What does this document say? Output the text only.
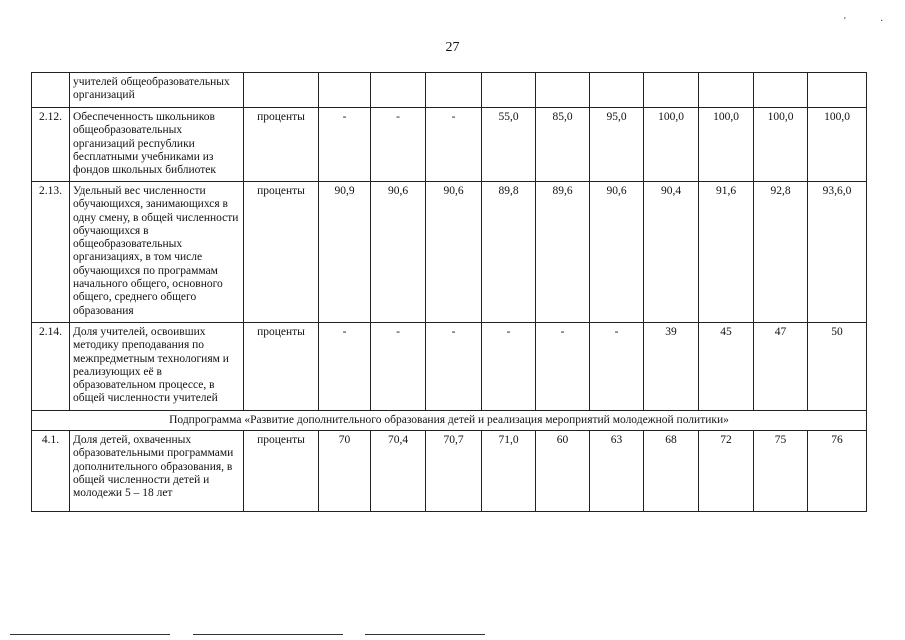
27
'	·
	учителей общеобразовательных организаций											
2.12.	Обеспеченность школьников общеобразовательных организаций республики бесплатными учебниками из фондов школьных библиотек	проценты	-	-	-	55,0	85,0	95,0	100,0	100,0	100,0	100,0
2.13.	Удельный вес численности обучающихся, занимающихся в одну смену, в общей численности обучающихся в общеобразовательных организациях, в том числе обучающихся по программам начального общего, основного общего, среднего общего образования	проценты	90,9	90,6	90,6	89,8	89,6	90,6	90,4	91,6	92,8	93,6,0
2.14.	Доля учителей, освоивших методику преподавания по межпредметным технологиям и реализующих её в образовательном процессе, в общей численности учителей	проценты	-	-	-	-	-	-	39	45	47	50
Подпрограмма «Развитие дополнительного образования детей и реализация мероприятий молодежной политики»												
4.1.	Доля детей, охваченных образовательными программами дополнительного образования, в общей численности детей и молодежи 5 – 18 лет	проценты	70	70,4	70,7	71,0	60	63	68	72	75	76
